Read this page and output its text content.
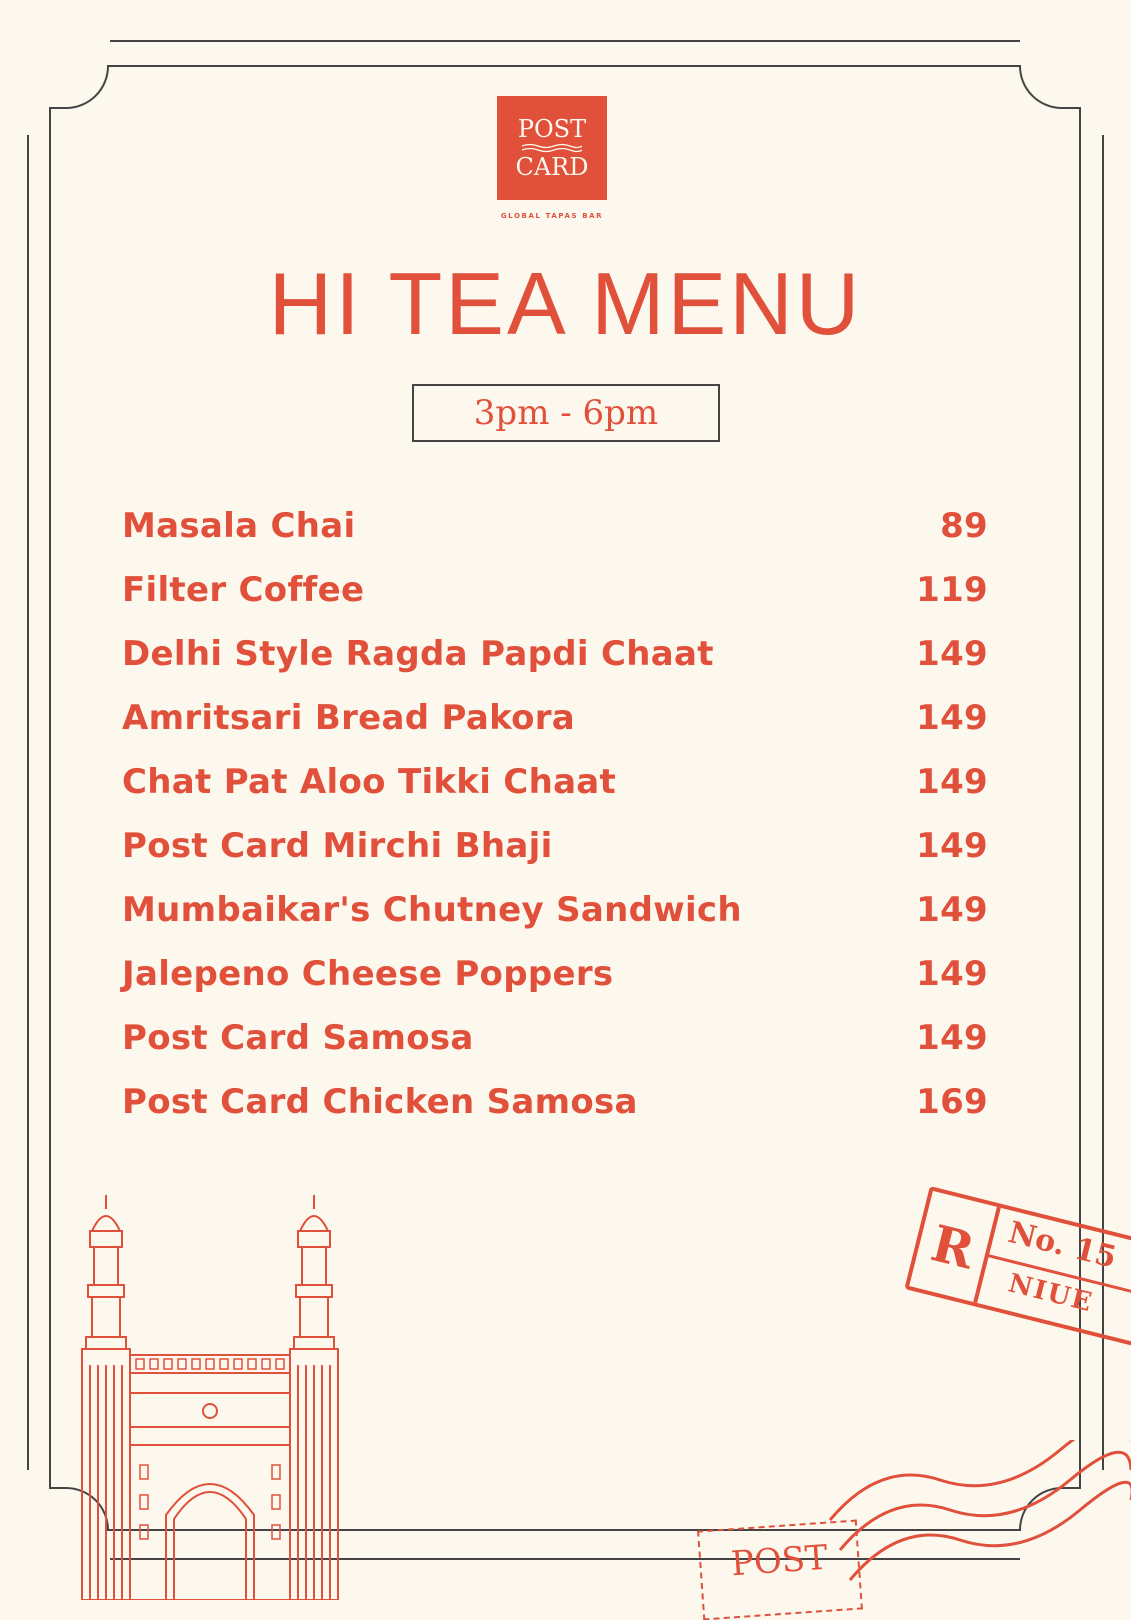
POST
CARD
GLOBAL TAPAS BAR
HI TEA MENU
3pm - 6pm
Masala Chai	89
Filter Coffee	119
Delhi Style Ragda Papdi Chaat	149
Amritsari Bread Pakora	149
Chat Pat Aloo Tikki Chaat	149
Post Card Mirchi Bhaji	149
Mumbaikar's Chutney Sandwich	149
Jalepeno Cheese Poppers	149
Post Card Samosa	149
Post Card Chicken Samosa	169
R No. 15
NIUE
POST
